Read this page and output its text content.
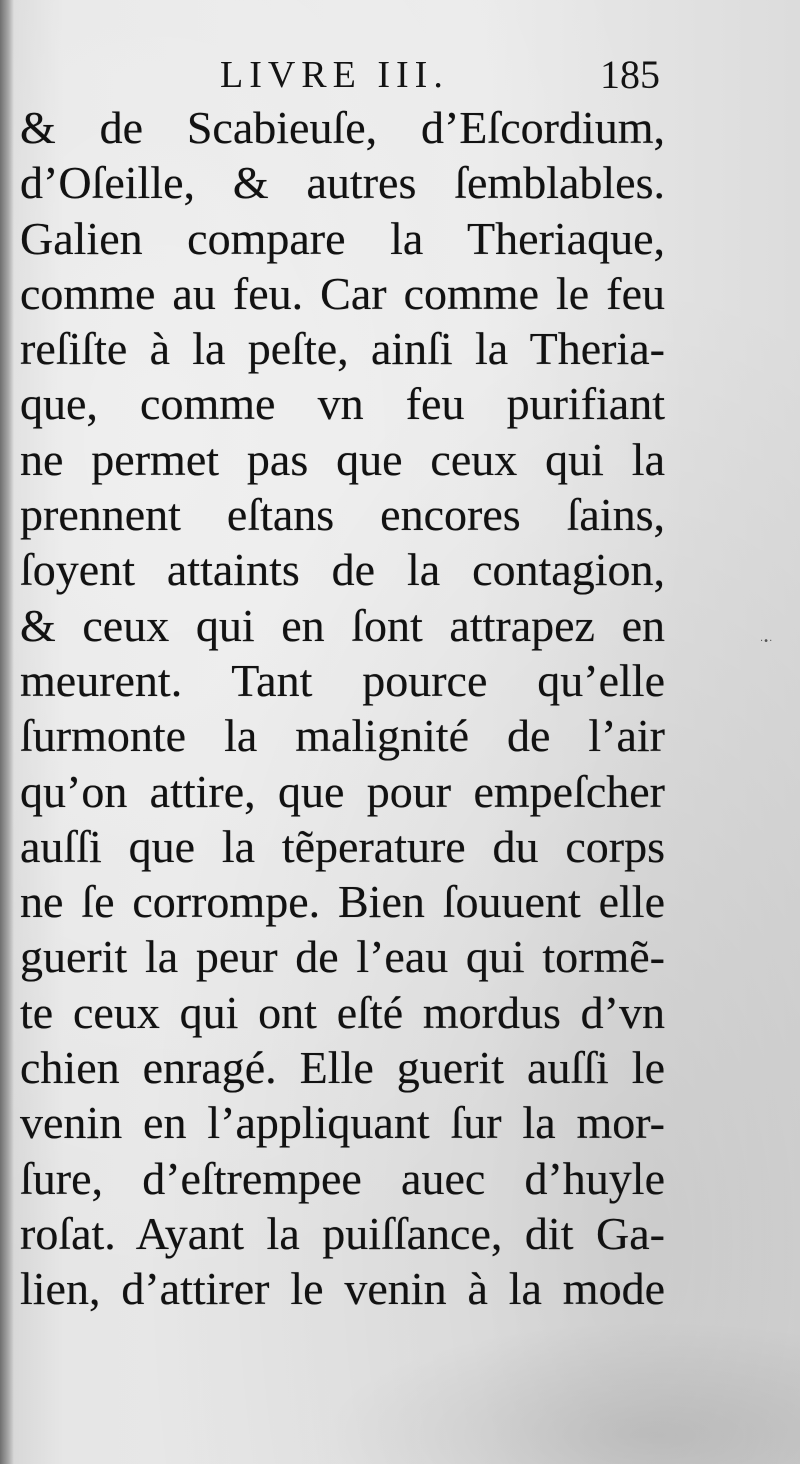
LIVRE III.	185
& de Scabieuſe, d’Eſcordium,
d’Oſeille, & autres ſemblables.
Galien compare la Theriaque,
comme au feu. Car comme le feu
reſiſte à la peſte, ainſi la Theria-
que, comme vn feu purifiant
ne permet pas que ceux qui la
prennent eſtans encores ſains,
ſoyent attaints de la contagion,
& ceux qui en ſont attrapez en
meurent. Tant pource qu’elle
ſurmonte la malignité de l’air
qu’on attire, que pour empeſcher
auſſi que la tẽperature du corps
ne ſe corrompe. Bien ſouuent elle
guerit la peur de l’eau qui tormẽ-
te ceux qui ont eſté mordus d’vn
chien enragé. Elle guerit auſſi le
venin en l’appliquant ſur la mor-
ſure, d’eſtrempee auec d’huyle
roſat. Ayant la puiſſance, dit Ga-
lien, d’attirer le venin à la mode
·•·
